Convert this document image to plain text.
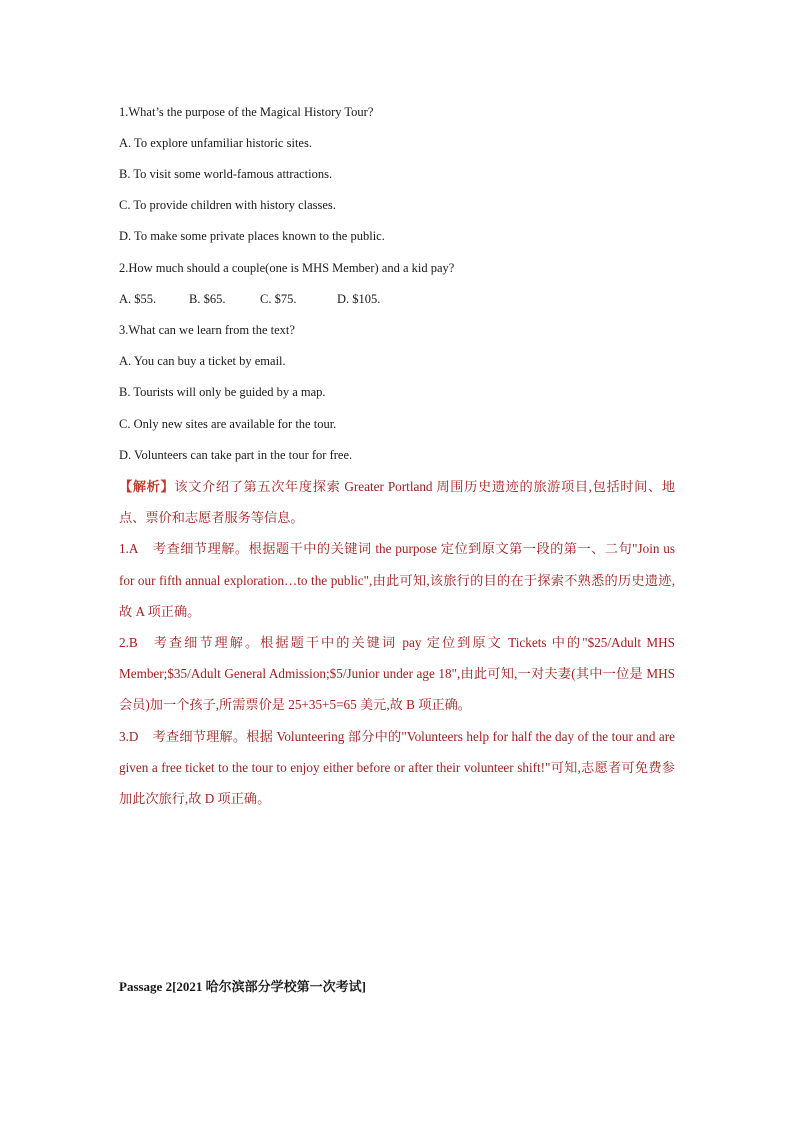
1.What’s the purpose of the Magical History Tour?
A. To explore unfamiliar historic sites.
B. To visit some world-famous attractions.
C. To provide children with history classes.
D. To make some private places known to the public.
2.How much should a couple(one is MHS Member) and a kid pay?
A. $55.	B. $65.	C. $75.	D. $105.
3.What can we learn from the text?
A. You can buy a ticket by email.
B. Tourists will only be guided by a map.
C. Only new sites are available for the tour.
D. Volunteers can take part in the tour for free.

【解析】该文介绍了第五次年度探索 Greater Portland 周围历史遗迹的旅游项目,包括时间、地点、票价和志愿者服务等信息。

1.A 考查细节理解。根据题干中的关键词 the purpose 定位到原文第一段的第一、二句"Join us for our fifth annual exploration…to the public",由此可知,该旅行的目的在于探索不熟悉的历史遗迹,故 A 项正确。

2.B 考查细节理解。根据题干中的关键词 pay 定位到原文 Tickets 中的"$25/Adult MHS Member;$35/Adult General Admission;$5/Junior under age 18",由此可知,一对夫妻(其中一位是 MHS 会员)加一个孩子,所需票价是 25+35+5=65 美元,故 B 项正确。

3.D 考查细节理解。根据 Volunteering 部分中的"Volunteers help for half the day of the tour and are given a free ticket to the tour to enjoy either before or after their volunteer shift!"可知,志愿者可免费参加此次旅行,故 D 项正确。

Passage 2[2021 哈尔滨部分学校第一次考试]
